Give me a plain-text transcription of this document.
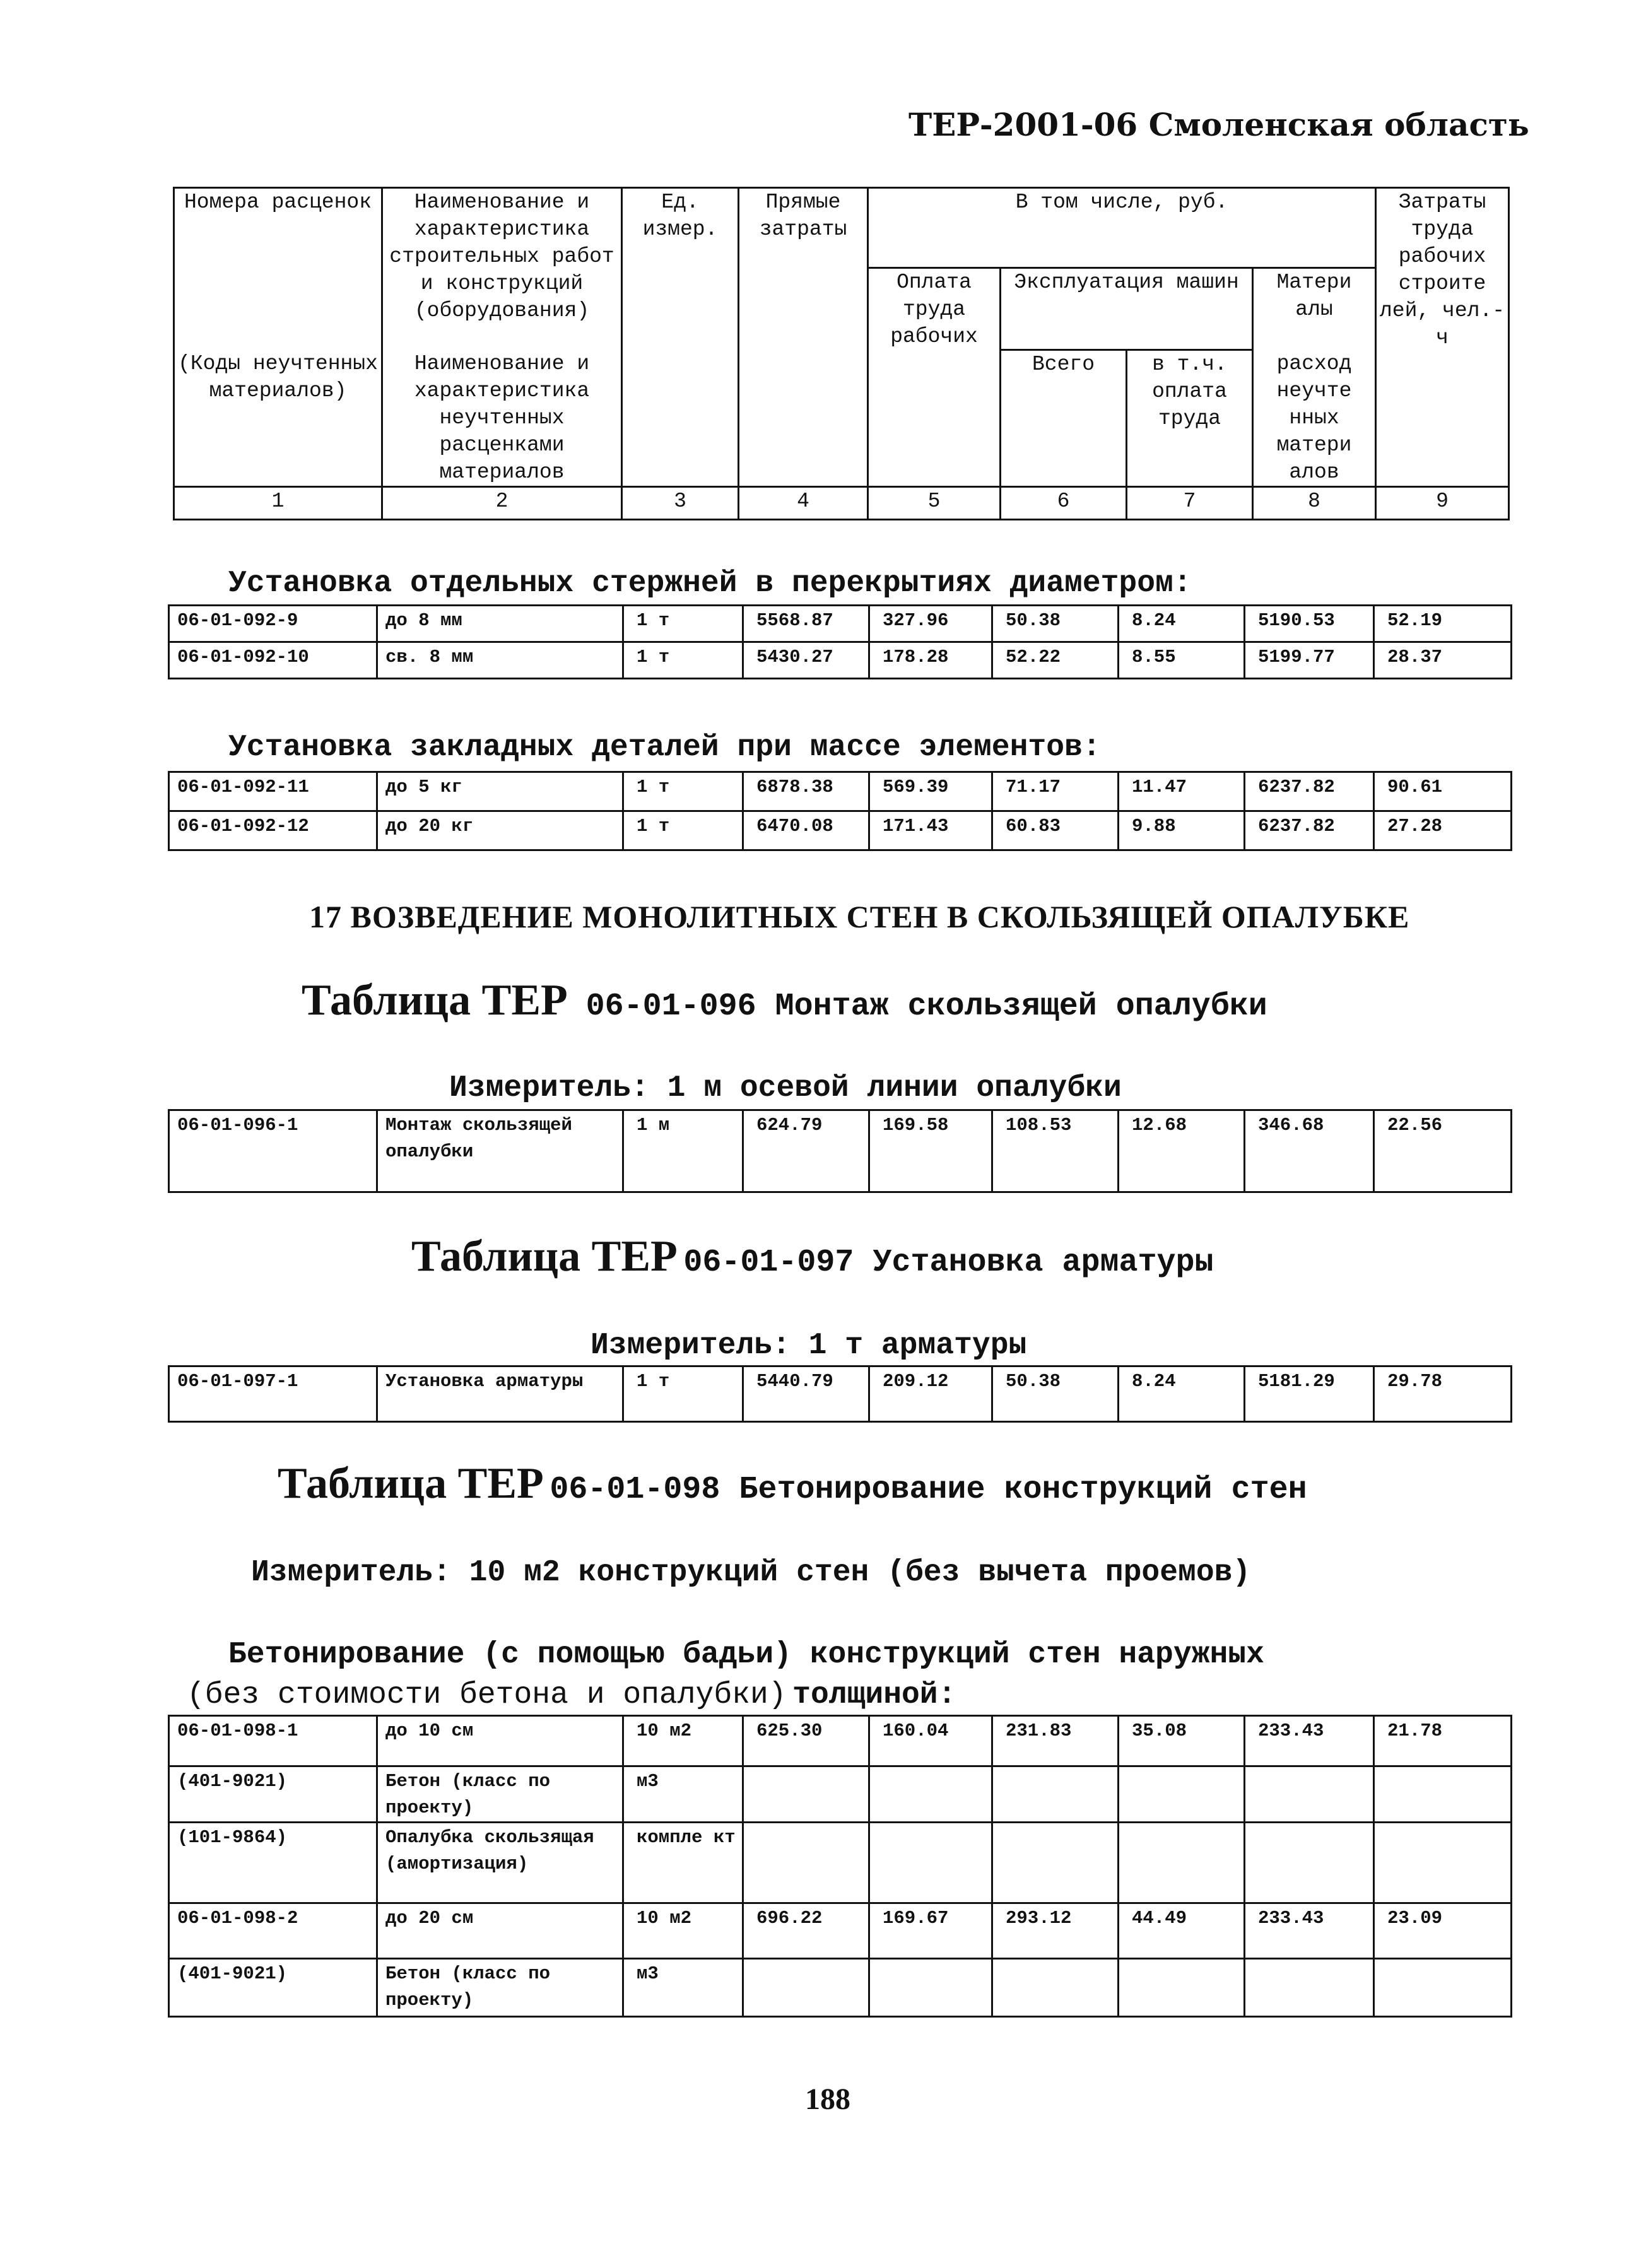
ТЕР-2001-06 Смоленская область
Номера расценок	Наименование и характеристика строительных работ и конструкций (оборудования)	Ед. измер.	Прямые затраты	В том числе, руб.				Затраты труда рабочих строите лей, чел.-ч
				Оплата труда рабочих	Эксплуатация машин		Матери алы	
(Коды неучтенных материалов)	Наименование и характеристика неучтенных расценками материалов				Всего	в т.ч. оплата труда	расход неучте нных матери алов	

1	2	3	4	5	6	7	8	9
Установка отдельных стержней в перекрытиях диаметром:
06-01-092-9	до 8 мм	1 т	5568.87	327.96	50.38	8.24	5190.53	52.19
06-01-092-10	св. 8 мм	1 т	5430.27	178.28	52.22	8.55	5199.77	28.37
Установка закладных деталей при массе элементов:
06-01-092-11	до 5 кг	1 т	6878.38	569.39	71.17	11.47	6237.82	90.61
06-01-092-12	до 20 кг	1 т	6470.08	171.43	60.83	9.88	6237.82	27.28
17 ВОЗВЕДЕНИЕ МОНОЛИТНЫХ СТЕН В СКОЛЬЗЯЩЕЙ ОПАЛУБКЕ
Таблица ТЕР 06-01-096 Монтаж скользящей опалубки
Измеритель: 1 м осевой линии опалубки
06-01-096-1	Монтаж скользящей опалубки	1 м	624.79	169.58	108.53	12.68	346.68	22.56
Таблица ТЕР 06-01-097 Установка арматуры
Измеритель: 1 т арматуры
06-01-097-1	Установка арматуры	1 т	5440.79	209.12	50.38	8.24	5181.29	29.78
Таблица ТЕР 06-01-098 Бетонирование конструкций стен
Измеритель: 10 м2 конструкций стен (без вычета проемов)
Бетонирование (с помощью бадьи) конструкций стен наружных
(без стоимости бетона и опалубки) толщиной:
06-01-098-1	до 10 см	10 м2	625.30	160.04	231.83	35.08	233.43	21.78
(401-9021)	Бетон (класс по проекту)	м3						
(101-9864)	Опалубка скользящая (амортизация)	компле кт						
06-01-098-2	до 20 см	10 м2	696.22	169.67	293.12	44.49	233.43	23.09
(401-9021)	Бетон (класс по проекту)	м3						
188
